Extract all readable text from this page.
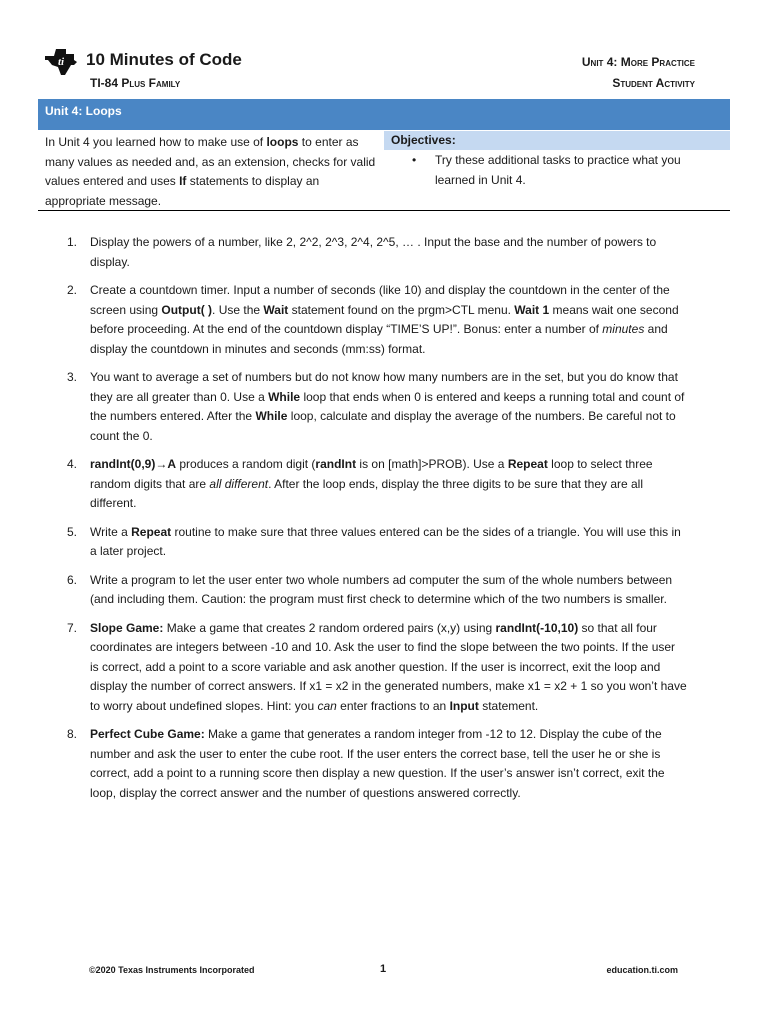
ti 10 Minutes of Code
TI-84 Plus Family
Unit 4: More Practice
Student Activity
Unit 4: Loops
In Unit 4 you learned how to make use of loops to enter as many values as needed and, as an extension, checks for valid values entered and uses If statements to display an appropriate message.
Objectives:
• Try these additional tasks to practice what you learned in Unit 4.
1. Display the powers of a number, like 2, 2^2, 2^3, 2^4, 2^5, … . Input the base and the number of powers to display.
2. Create a countdown timer. Input a number of seconds (like 10) and display the countdown in the center of the screen using Output( ). Use the Wait statement found on the prgm>CTL menu. Wait 1 means wait one second before proceeding. At the end of the countdown display “TIME’S UP!”. Bonus: enter a number of minutes and display the countdown in minutes and seconds (mm:ss) format.
3. You want to average a set of numbers but do not know how many numbers are in the set, but you do know that they are all greater than 0. Use a While loop that ends when 0 is entered and keeps a running total and count of the numbers entered. After the While loop, calculate and display the average of the numbers. Be careful not to count the 0.
4. randInt(0,9)→A produces a random digit (randInt is on [math]>PROB). Use a Repeat loop to select three random digits that are all different. After the loop ends, display the three digits to be sure that they are all different.
5. Write a Repeat routine to make sure that three values entered can be the sides of a triangle. You will use this in a later project.
6. Write a program to let the user enter two whole numbers ad computer the sum of the whole numbers between (and including them. Caution: the program must first check to determine which of the two numbers is smaller.
7. Slope Game: Make a game that creates 2 random ordered pairs (x,y) using randInt(-10,10) so that all four coordinates are integers between -10 and 10. Ask the user to find the slope between the two points. If the user is correct, add a point to a score variable and ask another question. If the user is incorrect, exit the loop and display the number of correct answers. If x1 = x2 in the generated numbers, make x1 = x2 + 1 so you won’t have to worry about undefined slopes. Hint: you can enter fractions to an Input statement.
8. Perfect Cube Game: Make a game that generates a random integer from -12 to 12. Display the cube of the number and ask the user to enter the cube root. If the user enters the correct base, tell the user he or she is correct, add a point to a running score then display a new question. If the user’s answer isn’t correct, exit the loop, display the correct answer and the number of questions answered correctly.
©2020 Texas Instruments Incorporated	1	education.ti.com
